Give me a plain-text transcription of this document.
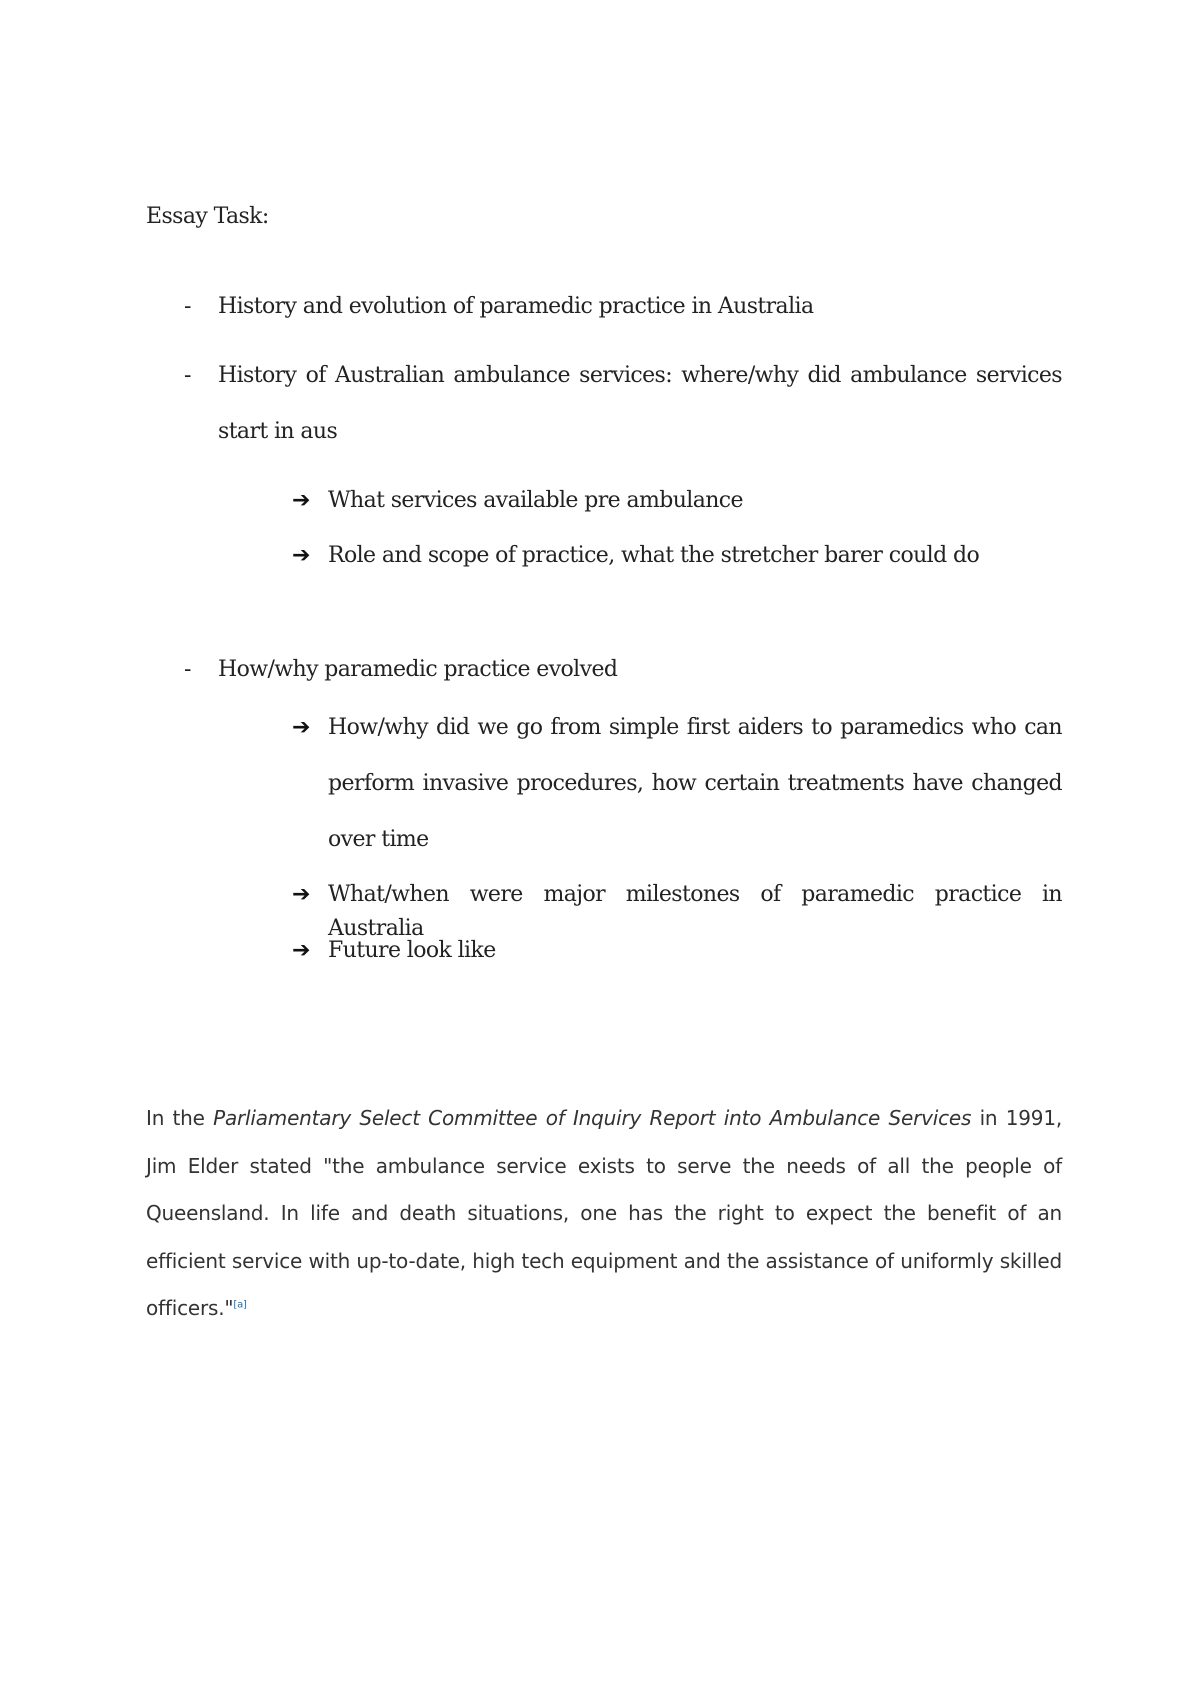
Essay Task:
- History and evolution of paramedic practice in Australia
- History of Australian ambulance services: where/why did ambulance services start in aus
➔ What services available pre ambulance
➔ Role and scope of practice, what the stretcher barer could do
- How/why paramedic practice evolved
➔ How/why did we go from simple first aiders to paramedics who can perform invasive procedures, how certain treatments have changed over time
➔ What/when were major milestones of paramedic practice in Australia
➔ Future look like

In the Parliamentary Select Committee of Inquiry Report into Ambulance Services in 1991, Jim Elder stated "the ambulance service exists to serve the needs of all the people of Queensland. In life and death situations, one has the right to expect the benefit of an efficient service with up-to-date, high tech equipment and the assistance of uniformly skilled officers."[a]
